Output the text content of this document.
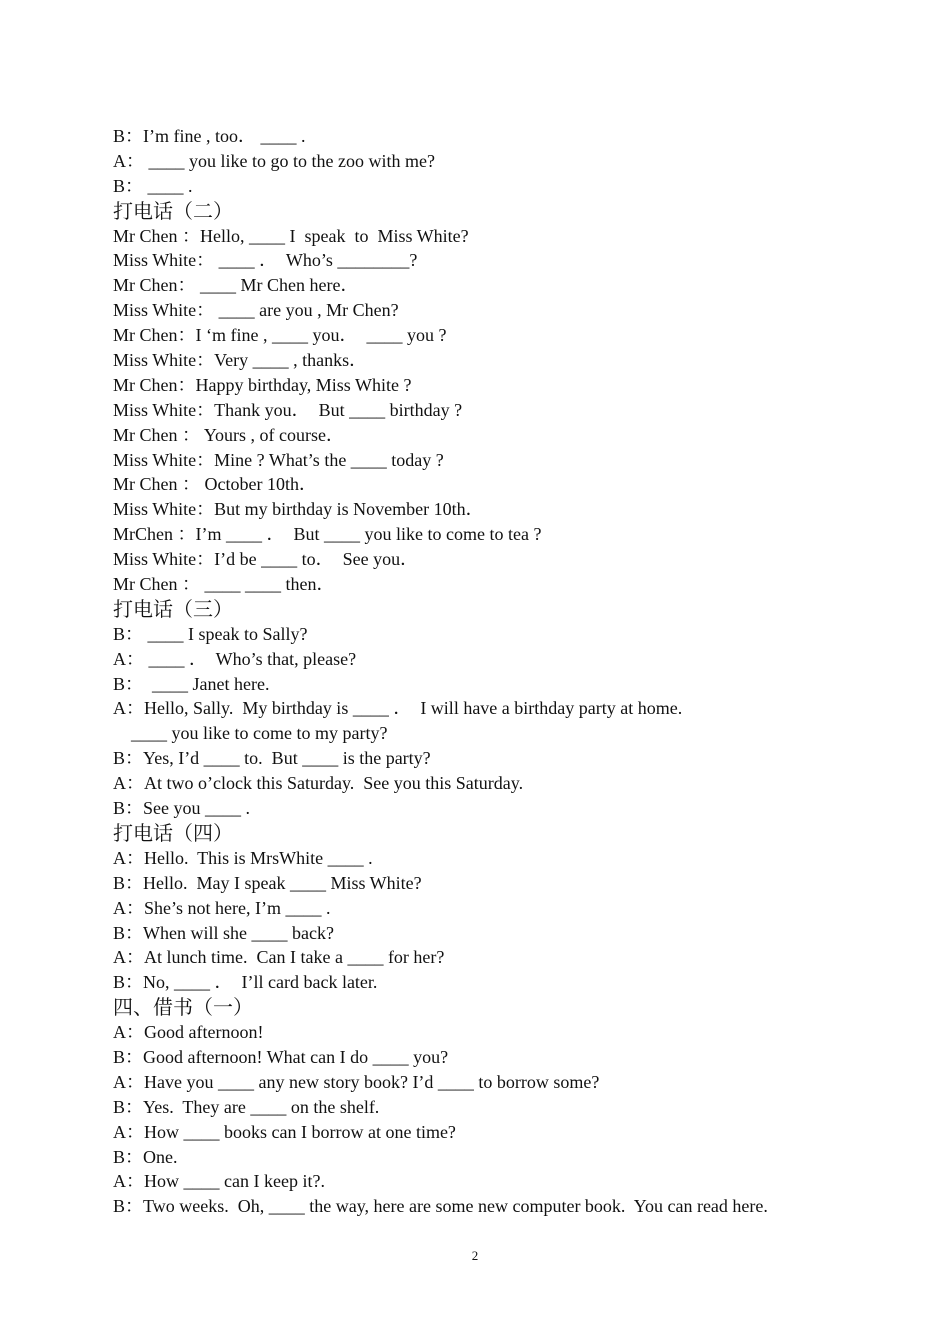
B：I’m fine , too． ____ .
A： ____ you like to go to the zoo with me?
B： ____ .
打电话（二）
Mr Chen ：Hello, ____ I  speak  to  Miss White?
Miss White： ____ ．  Who’s ________?
Mr Chen： ____ Mr Chen here．
Miss White： ____ are you , Mr Chen?
Mr Chen：I ‘m fine , ____ you．  ____ you ?
Miss White：Very ____ , thanks．
Mr Chen：Happy birthday, Miss White ?
Miss White：Thank you．  But ____ birthday ?
Mr Chen ： Yours , of course．
Miss White：Mine ? What’s the ____ today ?
Mr Chen ： October 10th．
Miss White：But my birthday is November 10th．
MrChen ：I’m ____ ．  But ____ you like to come to tea ?
Miss White：I’d be ____ to．  See you．
Mr Chen ： ____ ____ then．
打电话（三）
B： ____ I speak to Sally?
A： ____ ．  Who’s that, please?
B：  ____ Janet here.
A：Hello, Sally.  My birthday is ____ ．  I will have a birthday party at home.
____ you like to come to my party?
B：Yes, I’d ____ to.  But ____ is the party?
A：At two o’clock this Saturday.  See you this Saturday.
B：See you ____ .
打电话（四）
A：Hello.  This is MrsWhite ____ .
B：Hello.  May I speak ____ Miss White?
A：She’s not here, I’m ____ .
B：When will she ____ back?
A：At lunch time.  Can I take a ____ for her?
B：No, ____ ．  I’ll card back later.
四、借书（一）
A：Good afternoon!
B：Good afternoon! What can I do ____ you?
A：Have you ____ any new story book? I’d ____ to borrow some?
B：Yes.  They are ____ on the shelf.
A：How ____ books can I borrow at one time?
B：One.
A：How ____ can I keep it?.
B：Two weeks.  Oh, ____ the way, here are some new computer book.  You can read here.
2
